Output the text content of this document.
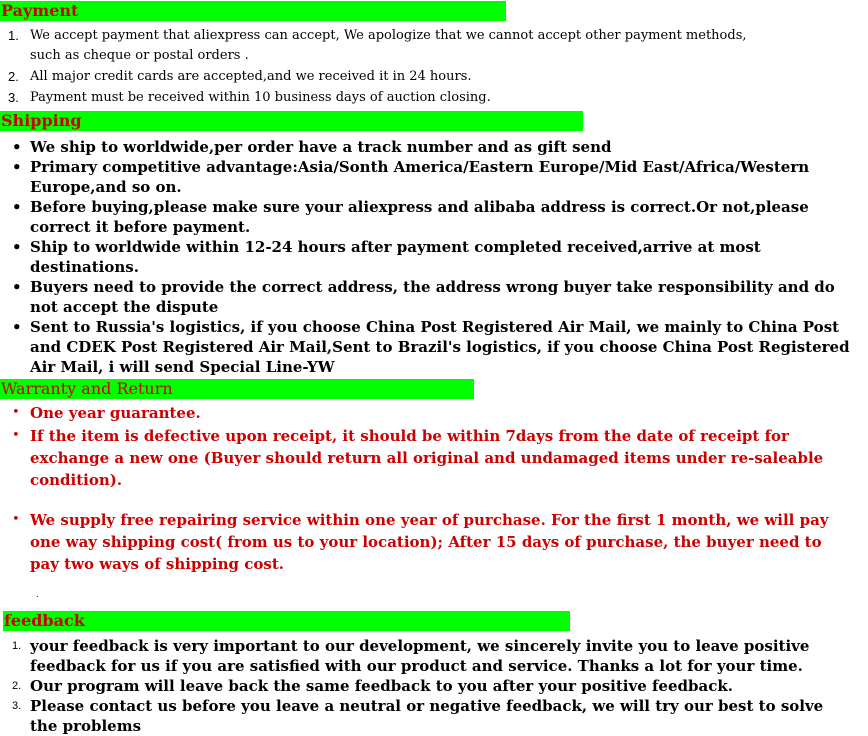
Payment
1. We accept payment that aliexpress can accept, We apologize that we cannot accept other payment methods,
such as cheque or postal orders .
2. All major credit cards are accepted,and we received it in 24 hours.
3. Payment must be received within 10 business days of auction closing.
Shipping
• We ship to worldwide,per order have a track number and as gift send
• Primary competitive advantage:Asia/Sonth America/Eastern Europe/Mid East/Africa/Western
Europe,and so on.
• Before buying,please make sure your aliexpress and alibaba address is correct.Or not,please
correct it before payment.
• Ship to worldwide within 12-24 hours after payment completed received,arrive at most
destinations.
• Buyers need to provide the correct address, the address wrong buyer take responsibility and do
not accept the dispute
• Sent to Russia's logistics, if you choose China Post Registered Air Mail, we mainly to China Post
and CDEK Post Registered Air Mail,Sent to Brazil's logistics, if you choose China Post Registered
Air Mail, i will send Special Line-YW
Warranty and Return
• One year guarantee.
• If the item is defective upon receipt, it should be within 7days from the date of receipt for
exchange a new one (Buyer should return all original and undamaged items under re-saleable
condition).
• We supply free repairing service within one year of purchase. For the first 1 month, we will pay
one way shipping cost( from us to your location); After 15 days of purchase, the buyer need to
pay two ways of shipping cost.
.
feedback
1. your feedback is very important to our development, we sincerely invite you to leave positive
feedback for us if you are satisfied with our product and service. Thanks a lot for your time.
2. Our program will leave back the same feedback to you after your positive feedback.
3. Please contact us before you leave a neutral or negative feedback, we will try our best to solve
the problems
